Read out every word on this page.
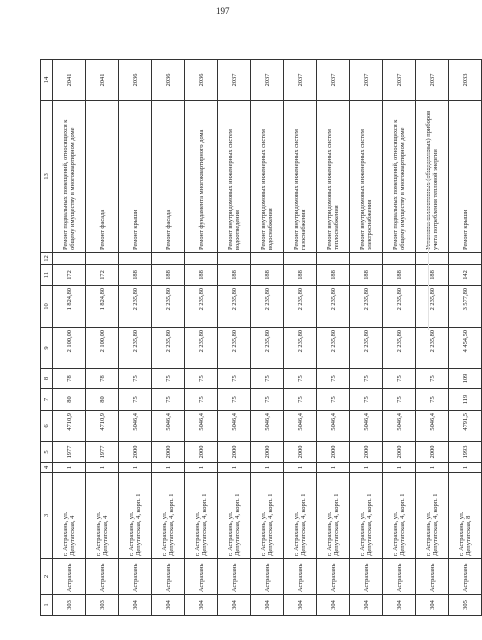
197
1	2	3	4	5	6	7	8	9	10	11	12	13	14
303	Астрахань	г. Астрахань, ул. Депутатская, 4	1	1977	4710,9	80	78	2 100,00	1 824,80	172		Ремонт подвальных помещений, относящихся к общему имуществу в многоквартирном доме	2041
303	Астрахань	г. Астрахань, ул. Депутатская, 4	1	1977	4710,9	80	78	2 100,00	1 824,80	172		Ремонт фасада	2041
304	Астрахань	г. Астрахань, ул. Депутатская, 4, корп. 1	1	2000	5046,4	75	75	2 235,80	2 235,80	188		Ремонт крыши	2036
304	Астрахань	г. Астрахань, ул. Депутатская, 4, корп. 1	1	2000	5046,4	75	75	2 235,80	2 235,80	188		Ремонт фасада	2036
304	Астрахань	г. Астрахань, ул. Депутатская, 4, корп. 1	1	2000	5046,4	75	75	2 235,80	2 235,80	188		Ремонт фундамента многоквартирного дома	2036
304	Астрахань	г. Астрахань, ул. Депутатская, 4, корп. 1	1	2000	5046,4	75	75	2 235,80	2 235,80	188		Ремонт внутридомовых инженерных систем водоотведения	2037
304	Астрахань	г. Астрахань, ул. Депутатская, 4, корп. 1	1	2000	5046,4	75	75	2 235,80	2 235,80	188		Ремонт внутридомовых инженерных систем водоснабжения	2037
304	Астрахань	г. Астрахань, ул. Депутатская, 4, корп. 1	1	2000	5046,4	75	75	2 235,80	2 235,80	188		Ремонт внутридомовых инженерных систем газоснабжения	2037
304	Астрахань	г. Астрахань, ул. Депутатская, 4, корп. 1	1	2000	5046,4	75	75	2 235,80	2 235,80	188		Ремонт внутридомовых инженерных систем теплоснабжения	2037
304	Астрахань	г. Астрахань, ул. Депутатская, 4, корп. 1	1	2000	5046,4	75	75	2 235,80	2 235,80	188		Ремонт внутридомовых инженерных систем электроснабжения	2037
304	Астрахань	г. Астрахань, ул. Депутатская, 4, корп. 1	1	2000	5046,4	75	75	2 235,80	2 235,80	188		Ремонт подвальных помещений, относящихся к общему имуществу в многоквартирном доме	2037
304	Астрахань	г. Астрахань, ул. Депутатская, 4, корп. 1	1	2000	5046,4	75	75	2 235,80	2 235,80	188		Установка коллективных (общедомовых) приборов учета потребления тепловой энергии	2037
305	Астрахань	г. Астрахань, ул. Депутатская, 8	1	1993	4791,5	119	109	4 454,50	3 577,80	142		Ремонт крыши	2033
